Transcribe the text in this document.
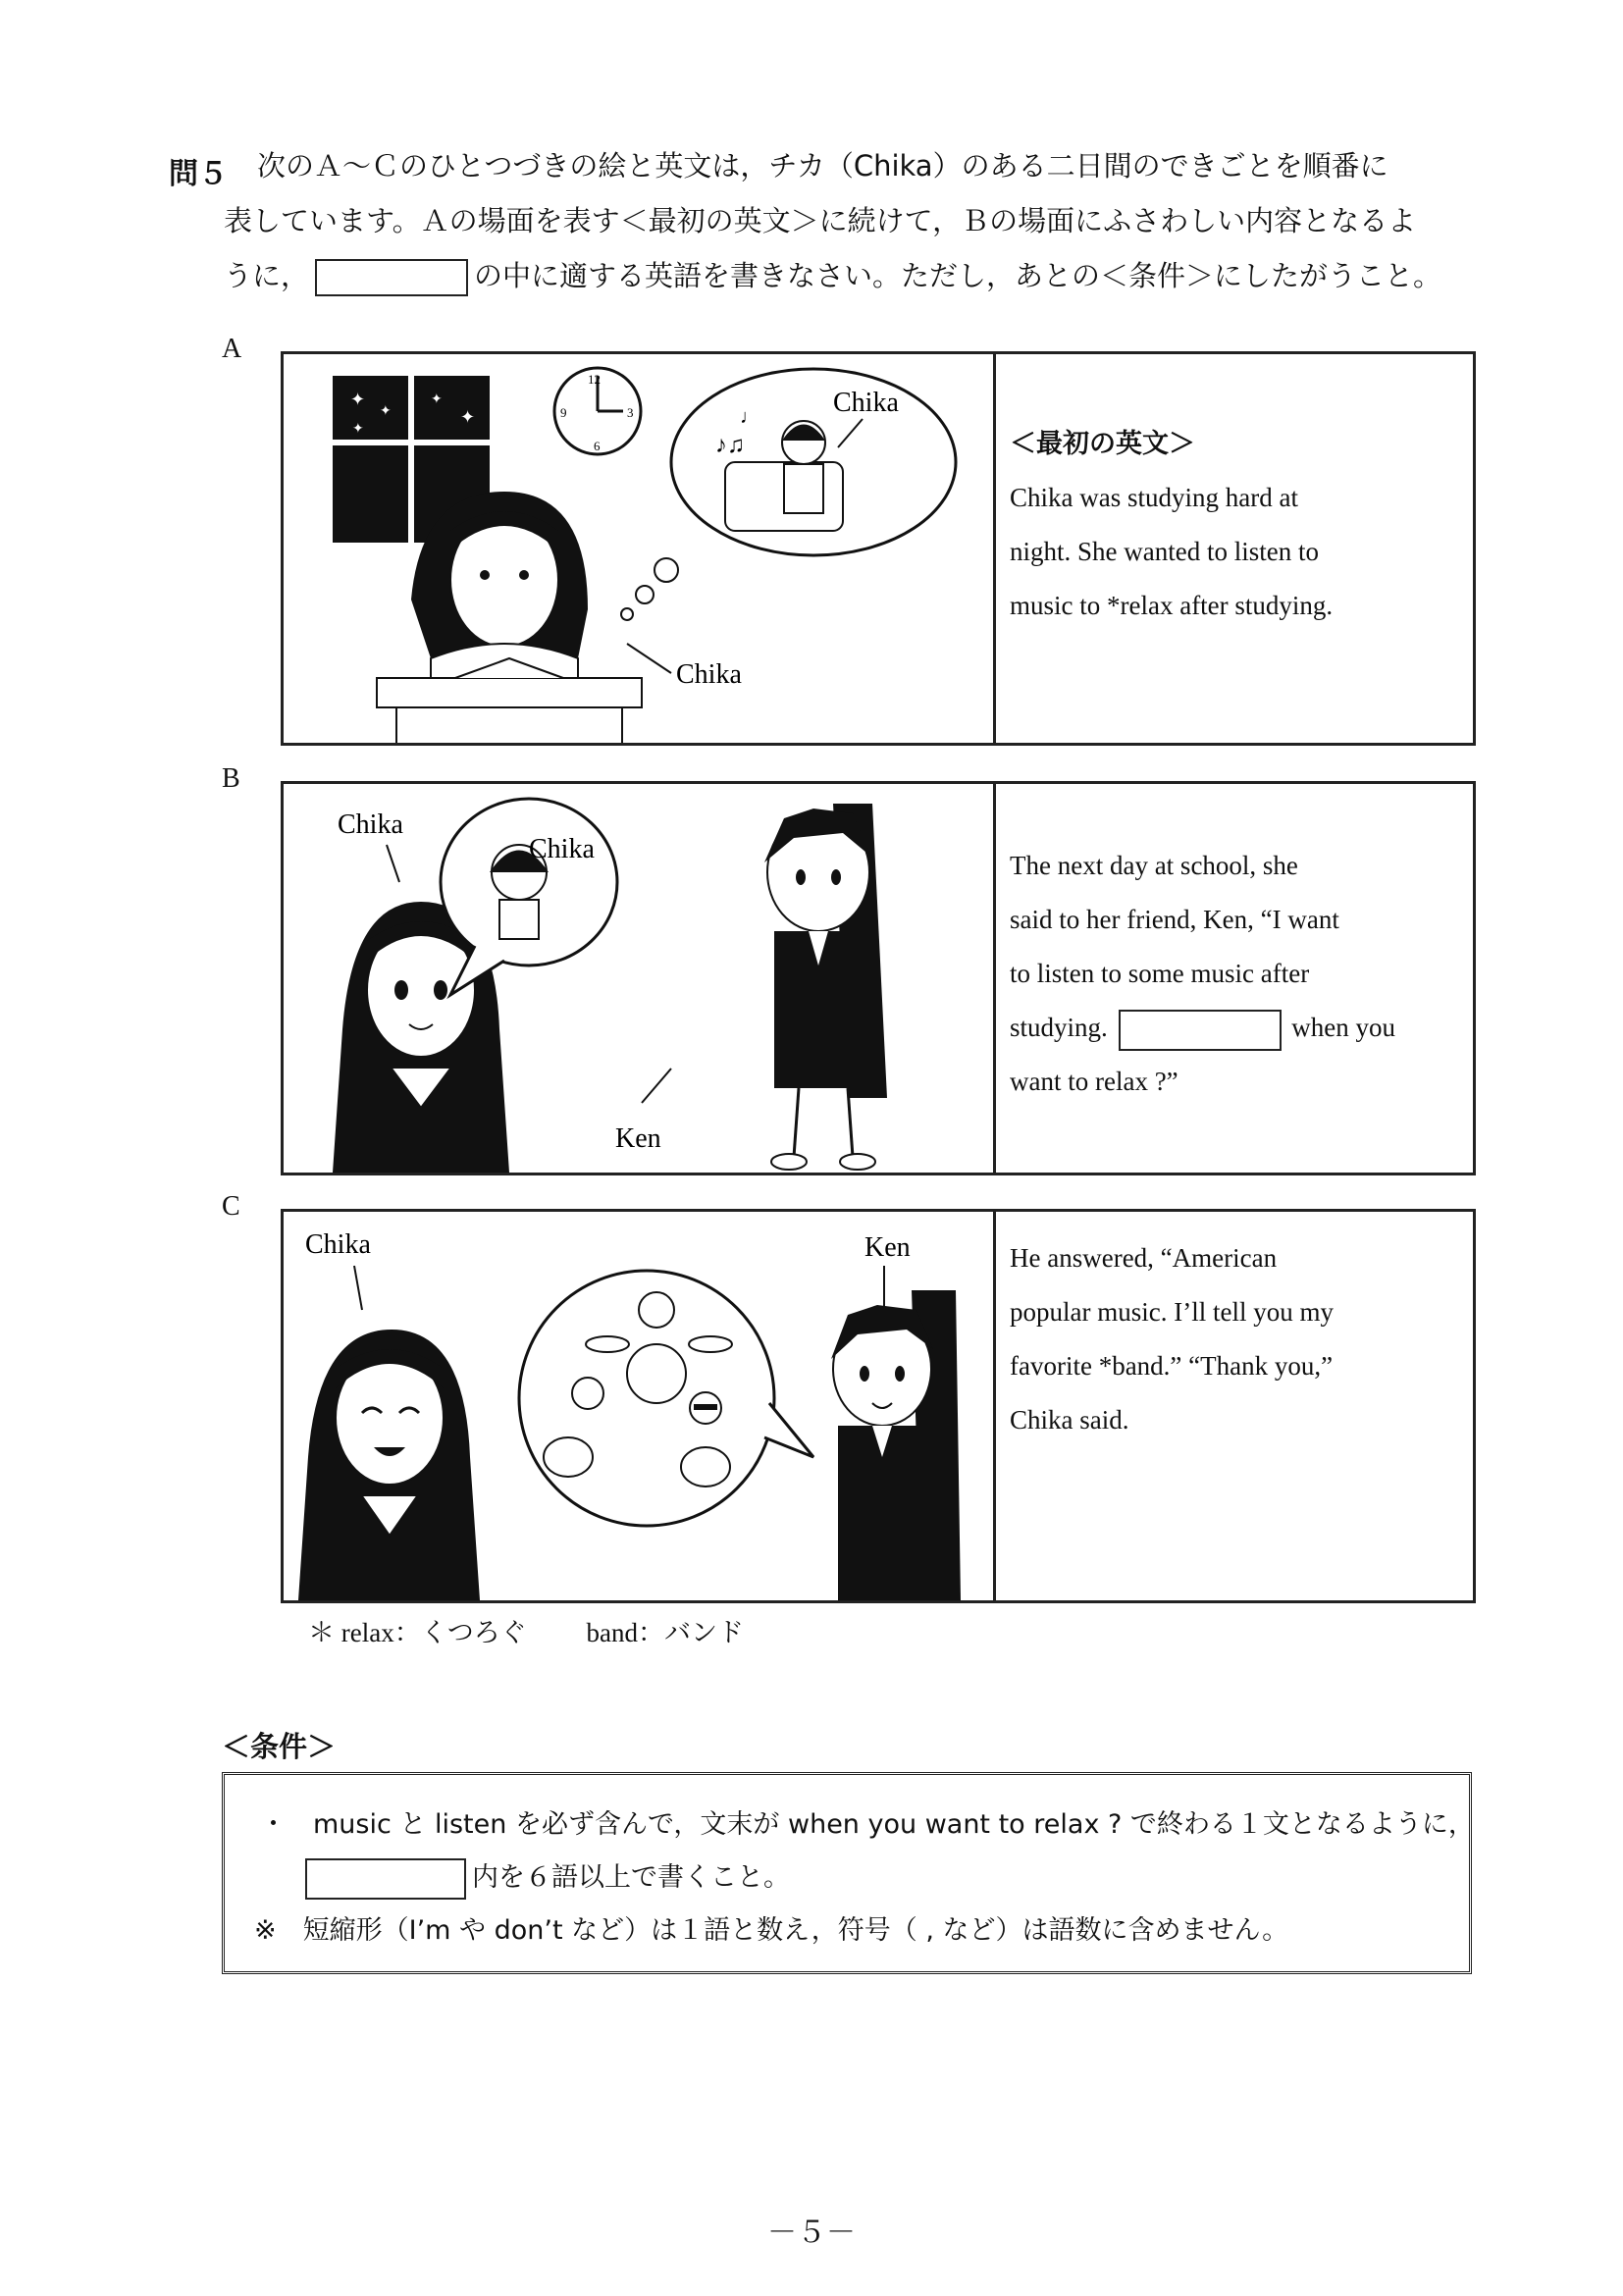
問５ 次のＡ～Ｃのひとつづきの絵と英文は，チカ（Chika）のある二日間のできごとを順番に
表しています。Ａの場面を表す＜最初の英文＞に続けて，Ｂの場面にふさわしい内容となるよ
うに，	の中に適する英語を書きなさい。ただし，あとの＜条件＞にしたがうこと。
A
✦
✦
✦
✦
✦
12
3
6
9
♪♫
♩	Chika
Chika
＜最初の英文＞
Chika was studying hard at
night. She wanted to listen to
music to *relax after studying.
B
Chika
Chika
Ken
The next day at school, she
said to her friend, Ken, “I want
to listen to some music after
studying.	when you
want to relax ?”
C
Chika	Ken	He answered, “American
popular music. I’ll tell you my
favorite *band.” “Thank you,”
Chika said.
＊ relax：くつろぐ　　 band：バンド
＜条件＞
・　music と listen を必ず含んで，文末が when you want to relax ? で終わる１文となるように，
内を６語以上で書くこと。
※　短縮形（I’m や don’t など）は１語と数え，符号（ , など）は語数に含めません。
－５－
